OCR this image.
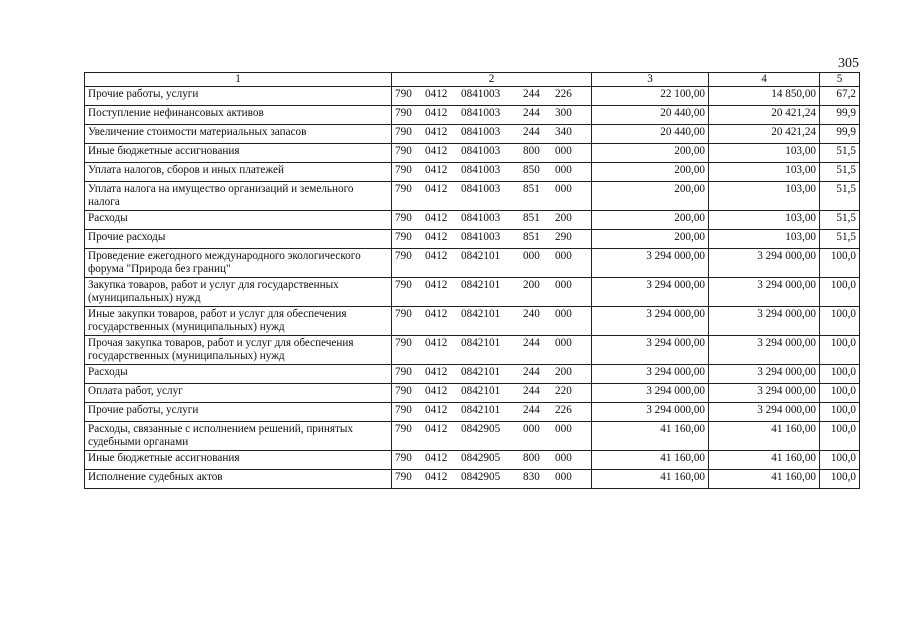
305
1	2	3	4	5
Прочие работы, услуги	790 0412 0841003 244 226	22 100,00	14 850,00	67,2
Поступление нефинансовых активов	790 0412 0841003 244 300	20 440,00	20 421,24	99,9
Увеличение стоимости материальных запасов	790 0412 0841003 244 340	20 440,00	20 421,24	99,9
Иные бюджетные ассигнования	790 0412 0841003 800 000	200,00	103,00	51,5
Уплата налогов, сборов и иных платежей	790 0412 0841003 850 000	200,00	103,00	51,5
Уплата налога на имущество организаций и земельного налога	790 0412 0841003 851 000	200,00	103,00	51,5
Расходы	790 0412 0841003 851 200	200,00	103,00	51,5
Прочие расходы	790 0412 0841003 851 290	200,00	103,00	51,5
Проведение ежегодного международного экологического форума "Природа без границ"	790 0412 0842101 000 000	3 294 000,00	3 294 000,00	100,0
Закупка товаров, работ и услуг для государственных (муниципальных) нужд	790 0412 0842101 200 000	3 294 000,00	3 294 000,00	100,0
Иные закупки товаров, работ и услуг для обеспечения государственных (муниципальных) нужд	790 0412 0842101 240 000	3 294 000,00	3 294 000,00	100,0
Прочая закупка товаров, работ и услуг для обеспечения государственных (муниципальных) нужд	790 0412 0842101 244 000	3 294 000,00	3 294 000,00	100,0
Расходы	790 0412 0842101 244 200	3 294 000,00	3 294 000,00	100,0
Оплата работ, услуг	790 0412 0842101 244 220	3 294 000,00	3 294 000,00	100,0
Прочие работы, услуги	790 0412 0842101 244 226	3 294 000,00	3 294 000,00	100,0
Расходы, связанные с исполнением решений, принятых судебными органами	790 0412 0842905 000 000	41 160,00	41 160,00	100,0
Иные бюджетные ассигнования	790 0412 0842905 800 000	41 160,00	41 160,00	100,0
Исполнение судебных актов	790 0412 0842905 830 000	41 160,00	41 160,00	100,0
